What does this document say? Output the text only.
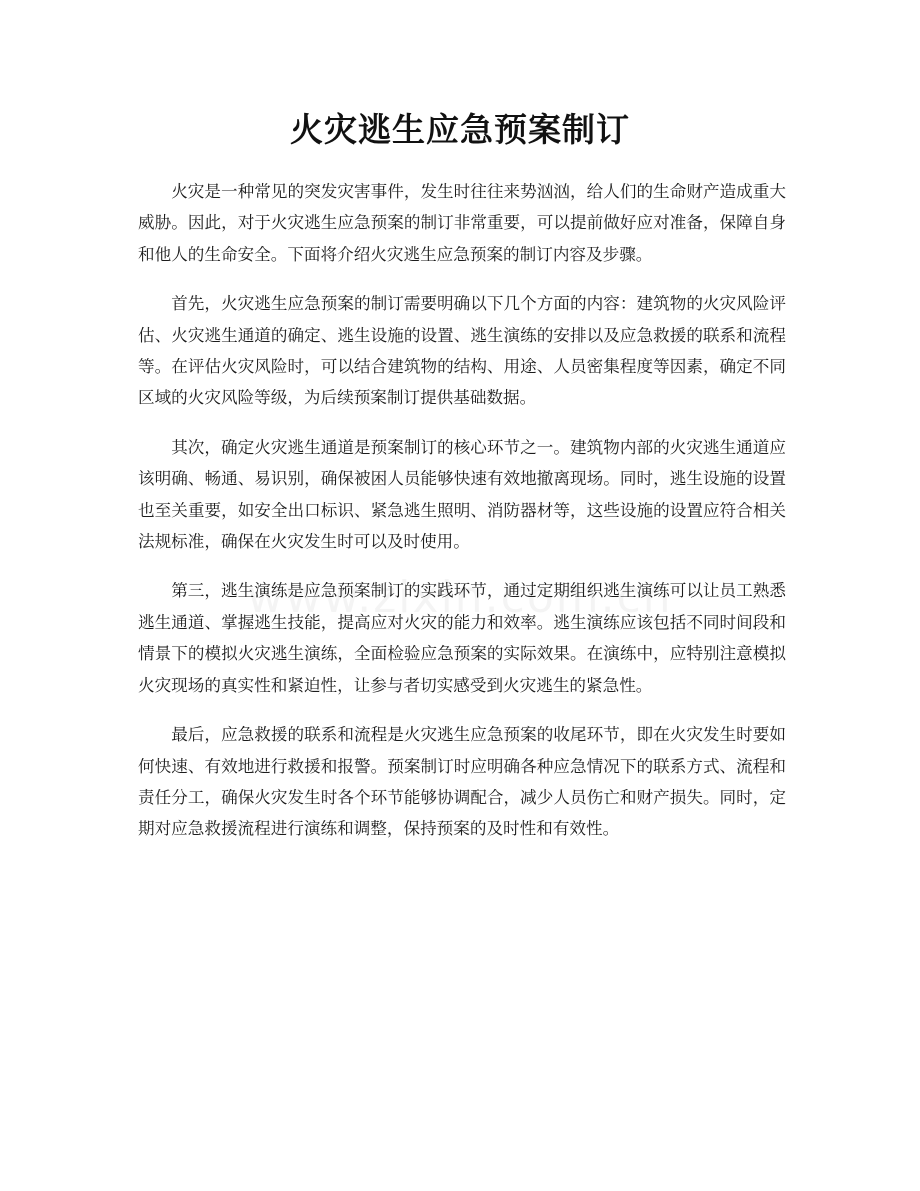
火灾逃生应急预案制订

火灾是一种常见的突发灾害事件，发生时往往来势汹汹，给人们的生命财产造成重大威胁。因此，对于火灾逃生应急预案的制订非常重要，可以提前做好应对准备，保障自身和他人的生命安全。下面将介绍火灾逃生应急预案的制订内容及步骤。

首先，火灾逃生应急预案的制订需要明确以下几个方面的内容：建筑物的火灾风险评估、火灾逃生通道的确定、逃生设施的设置、逃生演练的安排以及应急救援的联系和流程等。在评估火灾风险时，可以结合建筑物的结构、用途、人员密集程度等因素，确定不同区域的火灾风险等级，为后续预案制订提供基础数据。

其次，确定火灾逃生通道是预案制订的核心环节之一。建筑物内部的火灾逃生通道应该明确、畅通、易识别，确保被困人员能够快速有效地撤离现场。同时，逃生设施的设置也至关重要，如安全出口标识、紧急逃生照明、消防器材等，这些设施的设置应符合相关法规标准，确保在火灾发生时可以及时使用。

第三，逃生演练是应急预案制订的实践环节，通过定期组织逃生演练可以让员工熟悉逃生通道、掌握逃生技能，提高应对火灾的能力和效率。逃生演练应该包括不同时间段和情景下的模拟火灾逃生演练，全面检验应急预案的实际效果。在演练中，应特别注意模拟火灾现场的真实性和紧迫性，让参与者切实感受到火灾逃生的紧急性。

最后，应急救援的联系和流程是火灾逃生应急预案的收尾环节，即在火灾发生时要如何快速、有效地进行救援和报警。预案制订时应明确各种应急情况下的联系方式、流程和责任分工，确保火灾发生时各个环节能够协调配合，减少人员伤亡和财产损失。同时，定期对应急救援流程进行演练和调整，保持预案的及时性和有效性。
